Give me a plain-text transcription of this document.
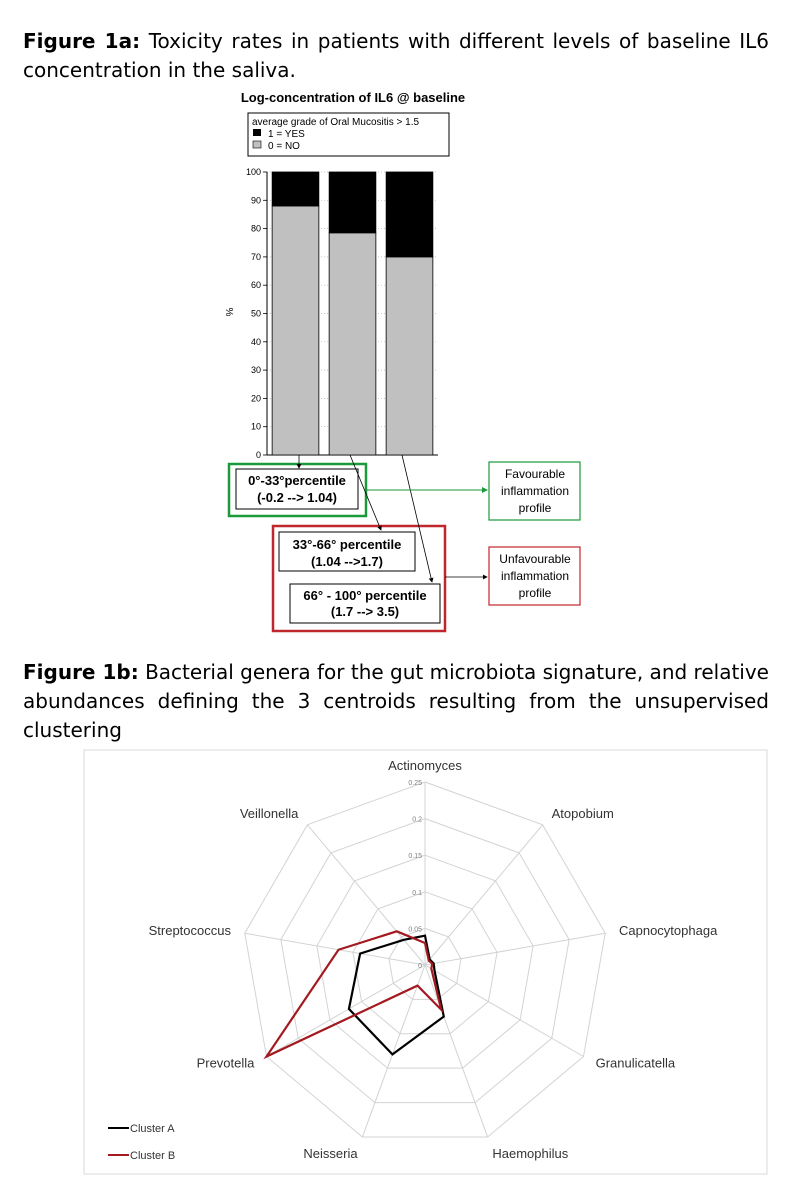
Figure 1a: Toxicity rates in patients with different levels of baseline IL6 concentration in the saliva.
Log-concentration of IL6 @ baseline
average grade of Oral Mucositis > 1.5
1 = YES
0 = NO
%
0
10
20
30
40
50
60
70
80
90
100
0°-33°percentile
(-0.2 --> 1.04)
33°-66° percentile
(1.04 -->1.7)
66° - 100° percentile
(1.7 --> 3.5)
Favourable
inflammation
profile
Unfavourable
inflammation
profile
Figure 1b: Bacterial genera for the gut microbiota signature, and relative abundances defining the 3 centroids resulting from the unsupervised clustering
0
0.05
0.1
0.15
0.2
0.25
Actinomyces
Atopobium
Capnocytophaga
Granulicatella
Haemophilus
Neisseria
Prevotella
Streptococcus
Veillonella
Cluster A
Cluster B
